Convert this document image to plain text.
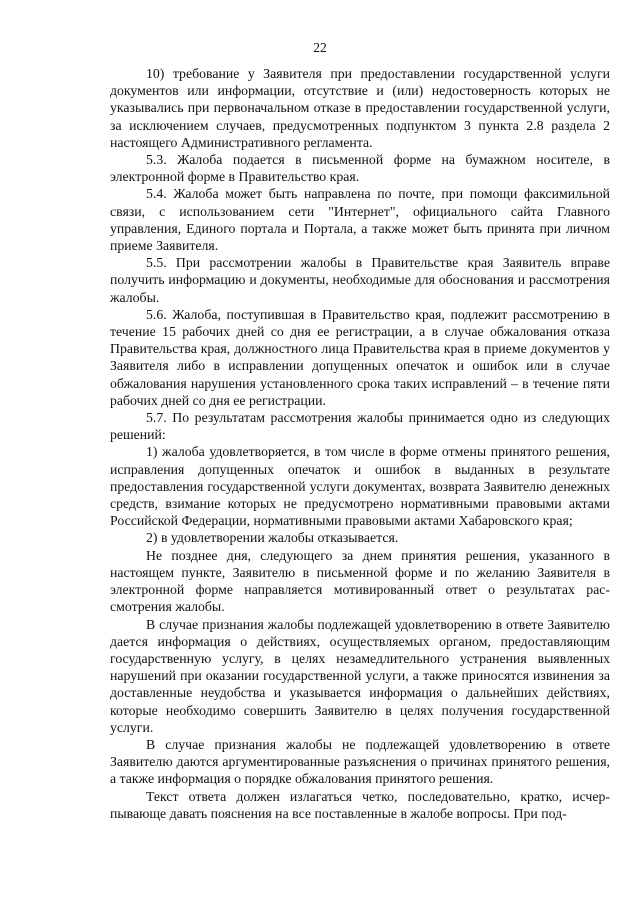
22

10) требование у Заявителя при предоставлении государственной услуги документов или информации, отсутствие и (или) недостоверность которых не указывались при первоначальном отказе в предоставлении государственной услуги, за исключением случаев, предусмотренных подпунктом 3 пункта 2.8 раздела 2 настоящего Административного регламента.

5.3. Жалоба подается в письменной форме на бумажном носителе, в электронной форме в Правительство края.

5.4. Жалоба может быть направлена по почте, при помощи факсимильной связи, с использованием сети "Интернет", официального сайта Главного управления, Единого портала и Портала, а также может быть принята при личном приеме Заявителя.

5.5. При рассмотрении жалобы в Правительстве края Заявитель вправе получить информацию и документы, необходимые для обоснования и рассмотрения жалобы.

5.6. Жалоба, поступившая в Правительство края, подлежит рассмотрению в течение 15 рабочих дней со дня ее регистрации, а в случае обжалования отказа Правительства края, должностного лица Правительства края в приеме документов у Заявителя либо в исправлении допущенных опечаток и ошибок или в случае обжалования нарушения установленного срока таких исправлений – в течение пяти рабочих дней со дня ее регистрации.

5.7. По результатам рассмотрения жалобы принимается одно из следующих решений:

1) жалоба удовлетворяется, в том числе в форме отмены принятого решения, исправления допущенных опечаток и ошибок в выданных в результате предоставления государственной услуги документах, возврата Заявителю денежных средств, взимание которых не предусмотрено нормативными правовыми актами Российской Федерации, нормативными правовыми актами Хабаровского края;

2) в удовлетворении жалобы отказывается.

Не позднее дня, следующего за днем принятия решения, указанного в настоящем пункте, Заявителю в письменной форме и по желанию Заявителя в электронной форме направляется мотивированный ответ о результатах рассмотрения жалобы.

В случае признания жалобы подлежащей удовлетворению в ответе Заявителю дается информация о действиях, осуществляемых органом, предоставляющим государственную услугу, в целях незамедлительного устранения выявленных нарушений при оказании государственной услуги, а также приносятся извинения за доставленные неудобства и указывается информация о дальнейших действиях, которые необходимо совершить Заявителю в целях получения государственной услуги.

В случае признания жалобы не подлежащей удовлетворению в ответе Заявителю даются аргументированные разъяснения о причинах принятого решения, а также информация о порядке обжалования принятого решения.

Текст ответа должен излагаться четко, последовательно, кратко, исчерпывающе давать пояснения на все поставленные в жалобе вопросы. При под-
